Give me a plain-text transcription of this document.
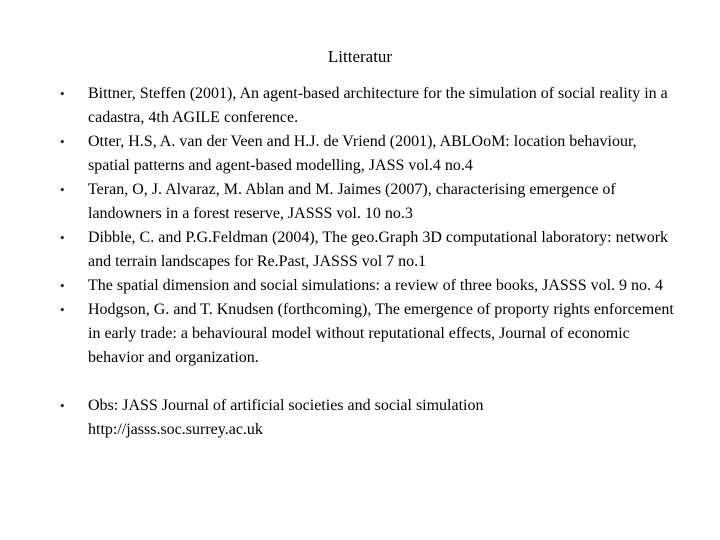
Litteratur
•	Bittner, Steffen (2001), An agent-based architecture for the simulation of social reality in a cadastra, 4th AGILE conference.
•	Otter, H.S, A. van der Veen and H.J. de Vriend (2001), ABLOoM: location behaviour, spatial patterns and agent-based modelling, JASS vol.4 no.4
•	Teran, O, J. Alvaraz, M. Ablan and M. Jaimes (2007), characterising emergence of landowners in a forest reserve, JASSS vol. 10 no.3
•	Dibble, C. and P.G.Feldman (2004), The geo.Graph 3D computational laboratory: network and terrain landscapes for Re.Past, JASSS vol 7 no.1
•	The spatial dimension and social simulations: a review of three books, JASSS vol. 9 no. 4
•	Hodgson, G. and T. Knudsen (forthcoming), The emergence of proporty rights enforcement in early trade: a behavioural model without reputational effects, Journal of economic behavior and organization.
•	Obs: JASS Journal of artificial societies and social simulation
http://jasss.soc.surrey.ac.uk
